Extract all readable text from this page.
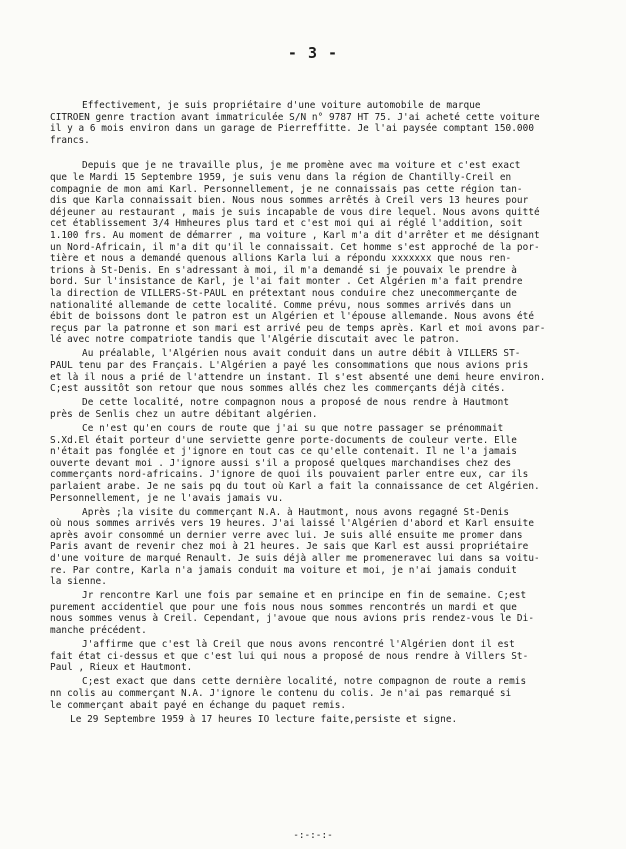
- 3 -
Effectivement, je suis propriétaire d'une voiture automobile de marque
CITROEN genre traction avant immatriculée S/N n° 9787 HT 75. J'ai acheté cette voiture
il y a 6 mois environ dans un garage de Pierreffitte. Je l'ai paysée comptant 150.000
francs.
Depuis que je ne travaille plus, je me promène avec ma voiture et c'est exact
que le Mardi 15 Septembre 1959, je suis venu dans la région de Chantilly-Creil en
compagnie de mon ami Karl. Personnellement, je ne connaissais pas cette région tan-
dis que Karla connaissait bien. Nous nous sommes arrêtés à Creil vers 13 heures pour
déjeuner au restaurant , mais je suis incapable de vous dire lequel. Nous avons quitté
cet établissement 3/4 Hmheures plus tard et c'est moi qui ai réglé l'addition, soit
1.100 frs. Au moment de démarrer , ma voiture , Karl m'a dit d'arrêter et me désignant
un Nord-Africain, il m'a dit qu'il le connaissait. Cet homme s'est approché de la por-
tière et nous a demandé quenous allions Karla lui a répondu xxxxxxx que nous ren-
trions à St-Denis. En s'adressant à moi, il m'a demandé si je pouvaix le prendre à
bord. Sur l'insistance de Karl, je l'ai fait monter . Cet Algérien m'a fait prendre
la direction de VILLERS-St-PAUL en prétextant nous conduire chez unecommerçante de
nationalité allemande de cette localité. Comme prévu, nous sommes arrivés dans un
ébit de boissons dont le patron est un Algérien et l'épouse allemande. Nous avons été
reçus par la patronne et son mari est arrivé peu de temps après. Karl et moi avons par-
lé avec notre compatriote tandis que l'Algérie discutait avec le patron.
Au préalable, l'Algérien nous avait conduit dans un autre débit à VILLERS ST-
PAUL tenu par des Français. L'Algérien a payé les consommations que nous avions pris
et là il nous a prié de l'attendre un instant. Il s'est absenté une demi heure environ.
C;est aussitôt son retour que nous sommes allés chez les commerçants déjà cités.
De cette localité, notre compagnon nous a proposé de nous rendre à Hautmont
près de Senlis chez un autre débitant algérien.
Ce n'est qu'en cours de route que j'ai su que notre passager se prénommait
S.Xd.El était porteur d'une serviette genre porte-documents de couleur verte. Elle
n'était pas fonglée et j'ignore en tout cas ce qu'elle contenait. Il ne l'a jamais
ouverte devant moi . J'ignore aussi s'il a proposé quelques marchandises chez des
commerçants nord-africains. J'ignore de quoi ils pouvaient parler entre eux, car ils
parlaient arabe. Je ne sais pq du tout où Karl a fait la connaissance de cet Algérien.
Personnellement, je ne l'avais jamais vu.
Après ;la visite du commerçant N.A. à Hautmont, nous avons regagné St-Denis
où nous sommes arrivés vers 19 heures. J'ai laissé l'Algérien d'abord et Karl ensuite
après avoir consommé un dernier verre avec lui. Je suis allé ensuite me promer dans
Paris avant de revenir chez moi à 21 heures. Je sais que Karl est aussi propriétaire
d'une voiture de marqué Renault. Je suis déjà aller me promeneravec lui dans sa voitu-
re. Par contre, Karla n'a jamais conduit ma voiture et moi, je n'ai jamais conduit
la sienne.
Jr rencontre Karl une fois par semaine et en principe en fin de semaine. C;est
purement accidentiel que pour une fois nous nous sommes rencontrés un mardi et que
nous sommes venus à Creil. Cependant, j'avoue que nous avions pris rendez-vous le Di-
manche précédent.
J'affirme que c'est là Creil que nous avons rencontré l'Algérien dont il est
fait état ci-dessus et que c'est lui qui nous a proposé de nous rendre à Villers St-
Paul , Rieux et Hautmont.
C;est exact que dans cette dernière localité, notre compagnon de route a remis
nn colis au commerçant N.A. J'ignore le contenu du colis. Je n'ai pas remarqué si
le commerçant abait payé en échange du paquet remis.
Le 29 Septembre 1959 à 17 heures IO lecture faite,persiste et signe.
-:-:-:-
